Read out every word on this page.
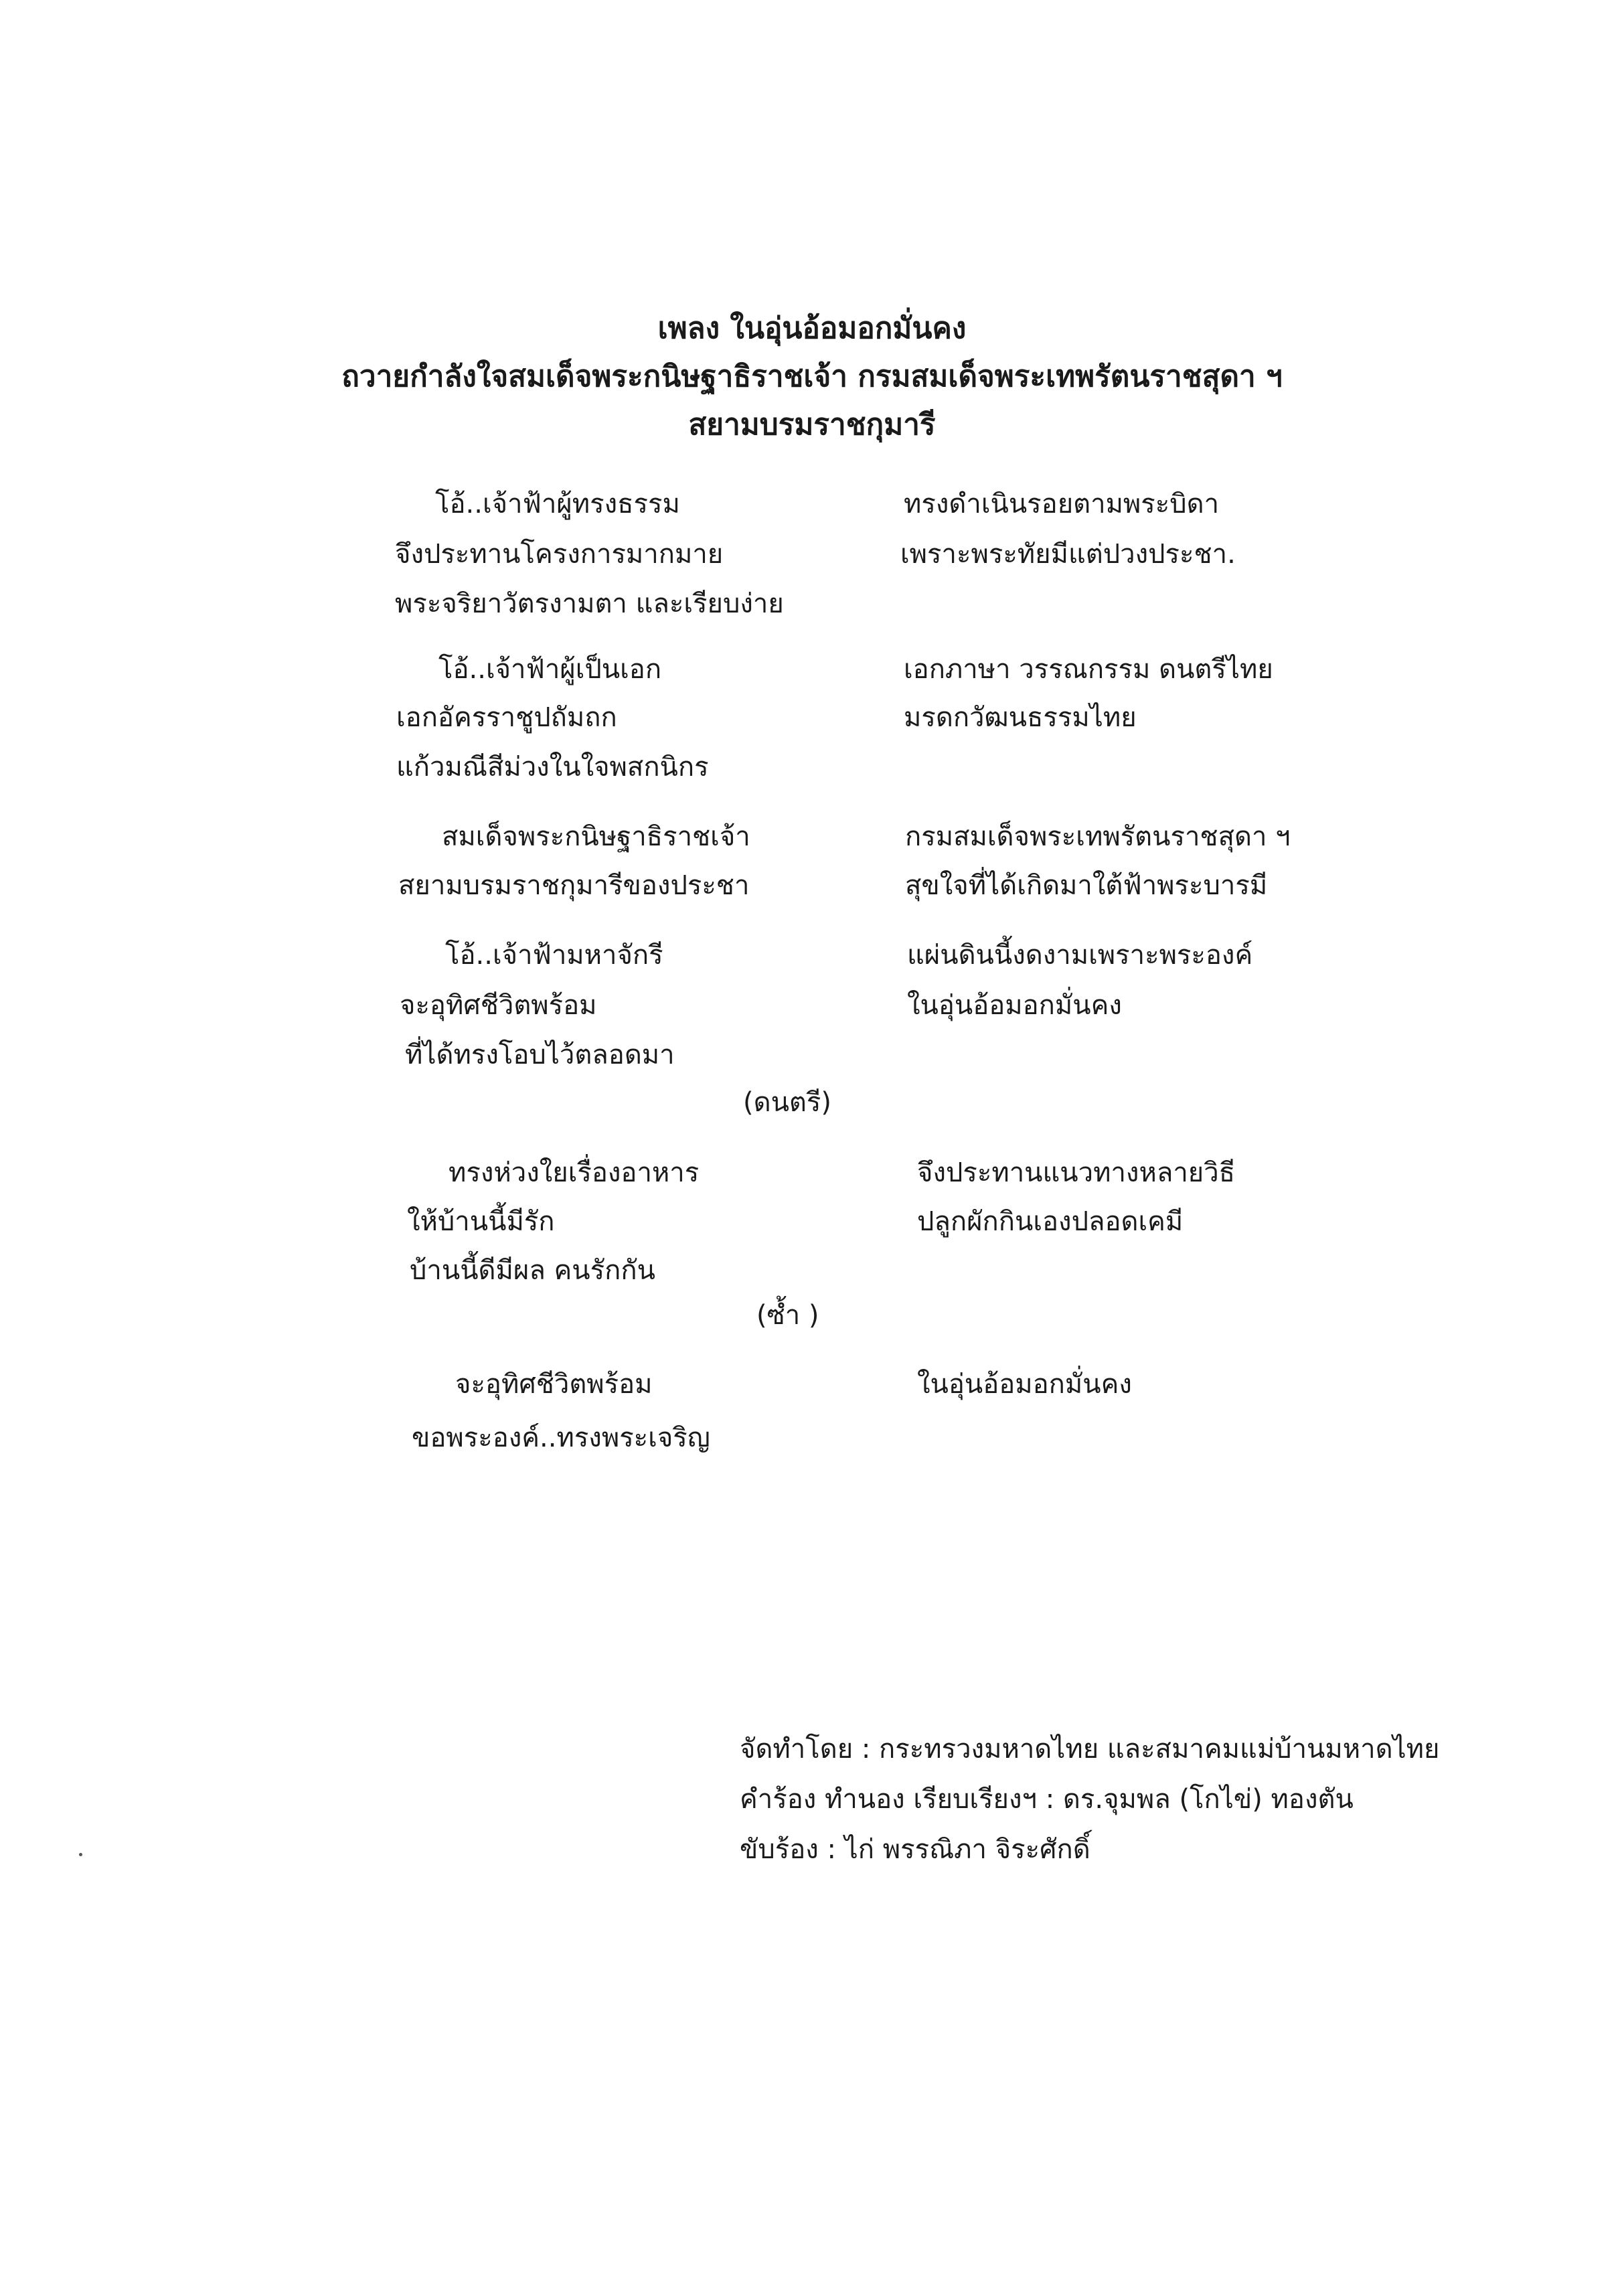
เพลง ในอุ่นอ้อมอกมั่นคง
ถวายกำลังใจสมเด็จพระกนิษฐาธิราชเจ้า กรมสมเด็จพระเทพรัตนราชสุดา ฯ
สยามบรมราชกุมารี
โอ้..เจ้าฟ้าผู้ทรงธรรม
จึงประทานโครงการมากมาย
พระจริยาวัตรงามตา และเรียบง่าย
ทรงดำเนินรอยตามพระบิดา
เพราะพระทัยมีแต่ปวงประชา.
โอ้..เจ้าฟ้าผู้เป็นเอก
เอกอัครราชูปถัมถก
แก้วมณีสีม่วงในใจพสกนิกร
เอกภาษา วรรณกรรม ดนตรีไทย
มรดกวัฒนธรรมไทย
สมเด็จพระกนิษฐาธิราชเจ้า
สยามบรมราชกุมารีของประชา
กรมสมเด็จพระเทพรัตนราชสุดา ฯ
สุขใจที่ได้เกิดมาใต้ฟ้าพระบารมี
โอ้..เจ้าฟ้ามหาจักรี
จะอุทิศชีวิตพร้อม
ที่ได้ทรงโอบไว้ตลอดมา
แผ่นดินนี้งดงามเพราะพระองค์
ในอุ่นอ้อมอกมั่นคง
(ดนตรี)
ทรงห่วงใยเรื่องอาหาร
ให้บ้านนี้มีรัก
บ้านนี้ดีมีผล คนรักกัน
จึงประทานแนวทางหลายวิธี
ปลูกผักกินเองปลอดเคมี
(ซ้ำ )
จะอุทิศชีวิตพร้อม
ขอพระองค์..ทรงพระเจริญ
ในอุ่นอ้อมอกมั่นคง
จัดทำโดย : กระทรวงมหาดไทย และสมาคมแม่บ้านมหาดไทย
คำร้อง ทำนอง เรียบเรียงฯ : ดร.จุมพล (โกไข่) ทองตัน
ขับร้อง : ไก่ พรรณิภา จิระศักดิ์
